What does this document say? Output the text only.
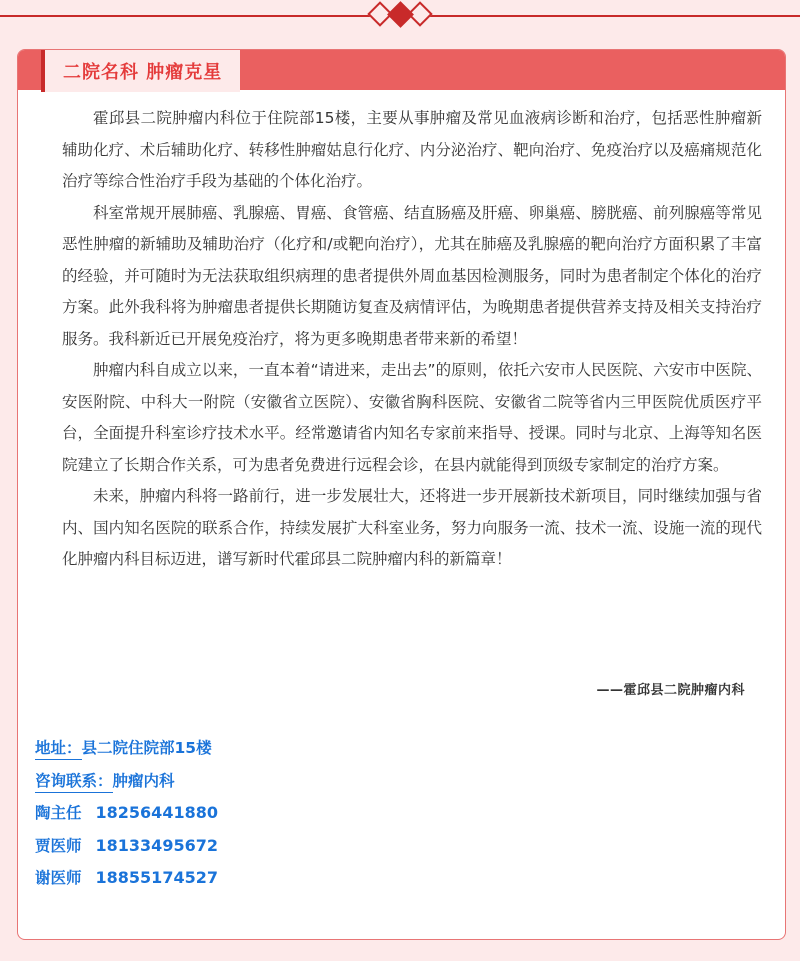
二院名科 肿瘤克星

霍邱县二院肿瘤内科位于住院部15楼，主要从事肿瘤及常见血液病诊断和治疗，包括恶性肿瘤新辅助化疗、术后辅助化疗、转移性肿瘤姑息行化疗、内分泌治疗、靶向治疗、免疫治疗以及癌痛规范化治疗等综合性治疗手段为基础的个体化治疗。

科室常规开展肺癌、乳腺癌、胃癌、食管癌、结直肠癌及肝癌、卵巢癌、膀胱癌、前列腺癌等常见恶性肿瘤的新辅助及辅助治疗（化疗和/或靶向治疗），尤其在肺癌及乳腺癌的靶向治疗方面积累了丰富的经验，并可随时为无法获取组织病理的患者提供外周血基因检测服务，同时为患者制定个体化的治疗方案。此外我科将为肿瘤患者提供长期随访复查及病情评估，为晚期患者提供营养支持及相关支持治疗服务。我科新近已开展免疫治疗，将为更多晚期患者带来新的希望！

肿瘤内科自成立以来，一直本着“请进来，走出去”的原则，依托六安市人民医院、六安市中医院、安医附院、中科大一附院（安徽省立医院）、安徽省胸科医院、安徽省二院等省内三甲医院优质医疗平台，全面提升科室诊疗技术水平。经常邀请省内知名专家前来指导、授课。同时与北京、上海等知名医院建立了长期合作关系，可为患者免费进行远程会诊，在县内就能得到顶级专家制定的治疗方案。

未来，肿瘤内科将一路前行，进一步发展壮大，还将进一步开展新技术新项目，同时继续加强与省内、国内知名医院的联系合作，持续发展扩大科室业务，努力向服务一流、技术一流、设施一流的现代化肿瘤内科目标迈进，谱写新时代霍邱县二院肿瘤内科的新篇章！

——霍邱县二院肿瘤内科
地址：县二院住院部15楼
咨询联系：肿瘤内科
陶主任 18256441880
贾医师 18133495672
谢医师 18855174527
